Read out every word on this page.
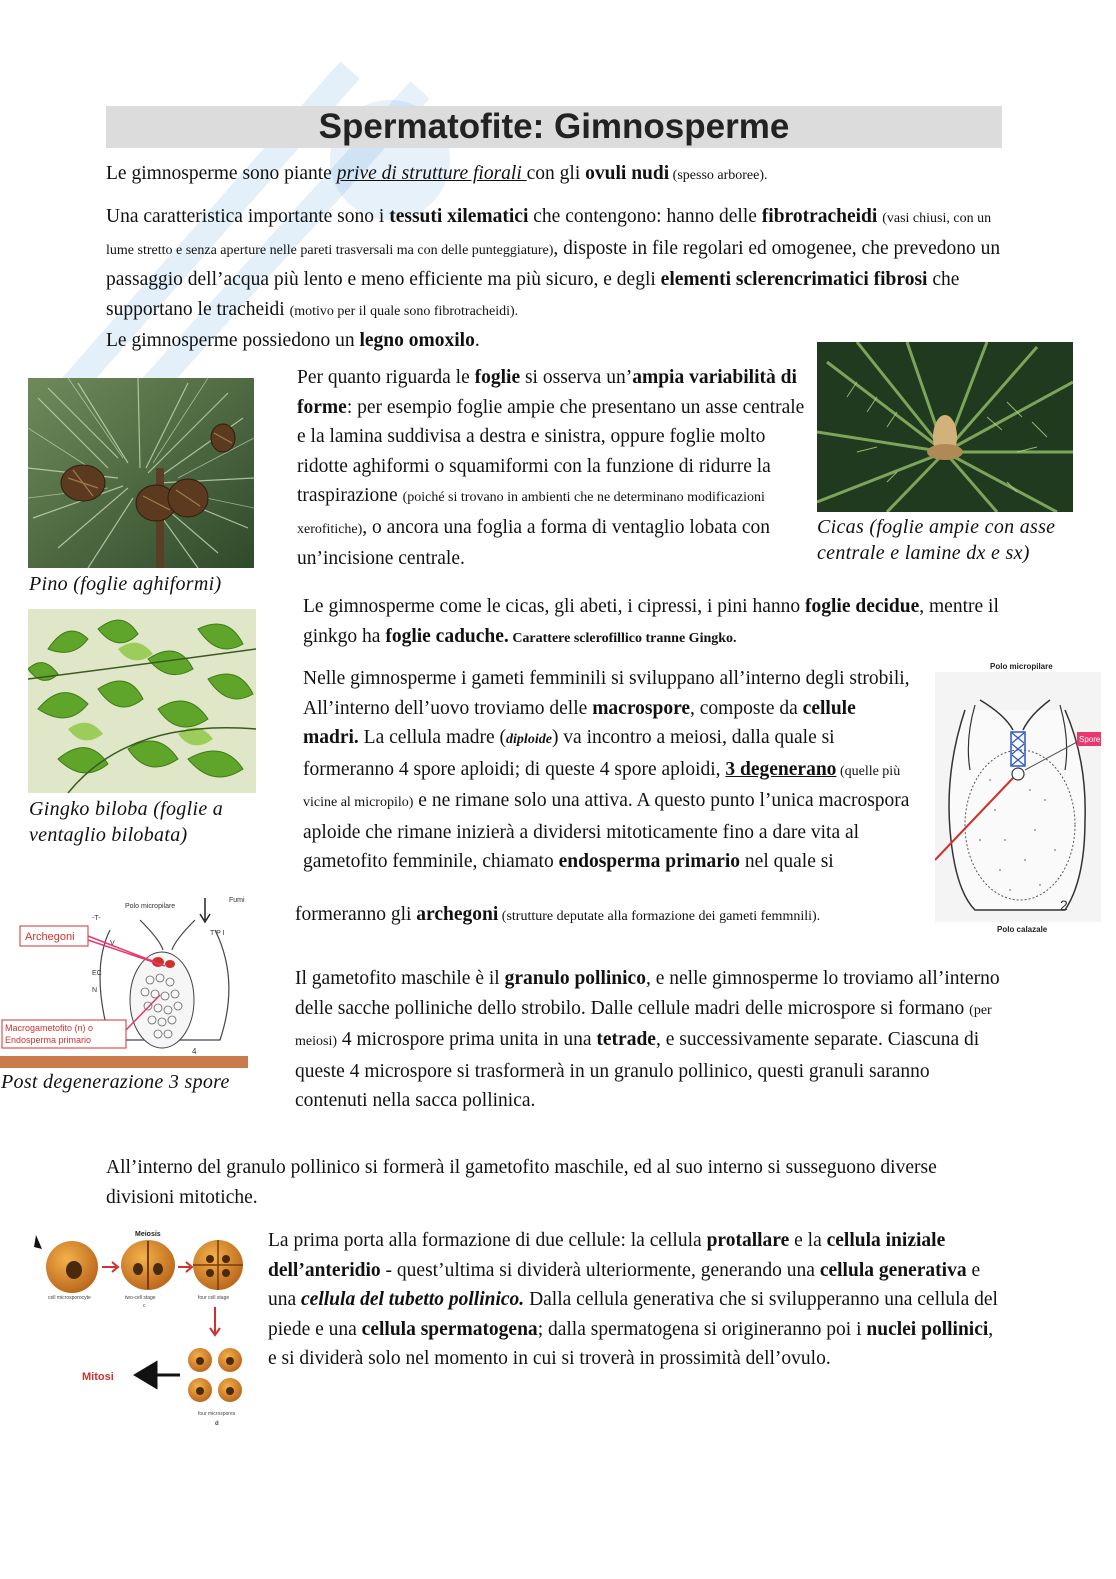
Spermatofite: Gimnosperme

Le gimnosperme sono piante prive di strutture fiorali con gli ovuli nudi (spesso arboree).

Una caratteristica importante sono i tessuti xilematici che contengono: hanno delle fibrotracheidi (vasi chiusi, con un lume stretto e senza aperture nelle pareti trasversali ma con delle punteggiature), disposte in file regolari ed omogenee, che prevedono un passaggio dell’acqua più lento e meno efficiente ma più sicuro, e degli elementi sclerencrimatici fibrosi che supportano le tracheidi (motivo per il quale sono fibrotracheidi).
Le gimnosperme possiedono un legno omoxilo.

Pino (foglie aghiformi)

Per quanto riguarda le foglie si osserva un’ampia variabilità di forme: per esempio foglie ampie che presentano un asse centrale e la lamina suddivisa a destra e sinistra, oppure foglie molto ridotte aghiformi o squamiformi con la funzione di ridurre la traspirazione (poiché si trovano in ambienti che ne determinano modificazioni xerofitiche), o ancora una foglia a forma di ventaglio lobata con un’incisione centrale.

Cicas (foglie ampie con asse centrale e lamine dx e sx)

Gingko biloba (foglie a ventaglio bilobata)

Le gimnosperme come le cicas, gli abeti, i cipressi, i pini hanno foglie decidue, mentre il ginkgo ha foglie caduche. Carattere sclerofillico tranne Gingko.

Nelle gimnosperme i gameti femminili si sviluppano all’interno degli strobili, All’interno dell’uovo troviamo delle macrospore, composte da cellule madri. La cellula madre (diploide) va incontro a meiosi, dalla quale si formeranno 4 spore aploidi; di queste 4 spore aploidi, 3 degenerano (quelle più vicine al micropilo) e ne rimane solo una attiva. A questo punto l’unica macrospora aploide che rimane inizierà a dividersi mitoticamente fino a dare vita al gametofito femminile, chiamato endosperma primario nel quale si

formeranno gli archegoni (strutture deputate alla formazione dei gameti femmnili).

Polo micropilare
Spore
2
Polo calazale
Polo micropilare
Fumi
-T-
T P I
V
EC
N
4
Archegoni
Macrogametofito (n) o
Endosperma primario

Post degenerazione 3 spore

Il gametofito maschile è il granulo pollinico, e nelle gimnosperme lo troviamo all’interno delle sacche polliniche dello strobilo. Dalle cellule madri delle microspore si formano (per meiosi) 4 microspore prima unita in una tetrade, e successivamente separate. Ciascuna di queste 4 microspore si trasformerà in un granulo pollinico, questi granuli saranno contenuti nella sacca pollinica.

All’interno del granulo pollinico si formerà il gametofito maschile, ed al suo interno si susseguono diverse divisioni mitotiche.

Meiosis
cell microsporocyte	two-cell stage
c
four cell stage
Mitosi
four microspores
d

La prima porta alla formazione di due cellule: la cellula protallare e la cellula iniziale dell’anteridio - quest’ultima si dividerà ulteriormente, generando una cellula generativa e una cellula del tubetto pollinico. Dalla cellula generativa che si svilupperanno una cellula del piede e una cellula spermatogena; dalla spermatogena si origineranno poi i nuclei pollinici, e si dividerà solo nel momento in cui si troverà in prossimità dell’ovulo.
